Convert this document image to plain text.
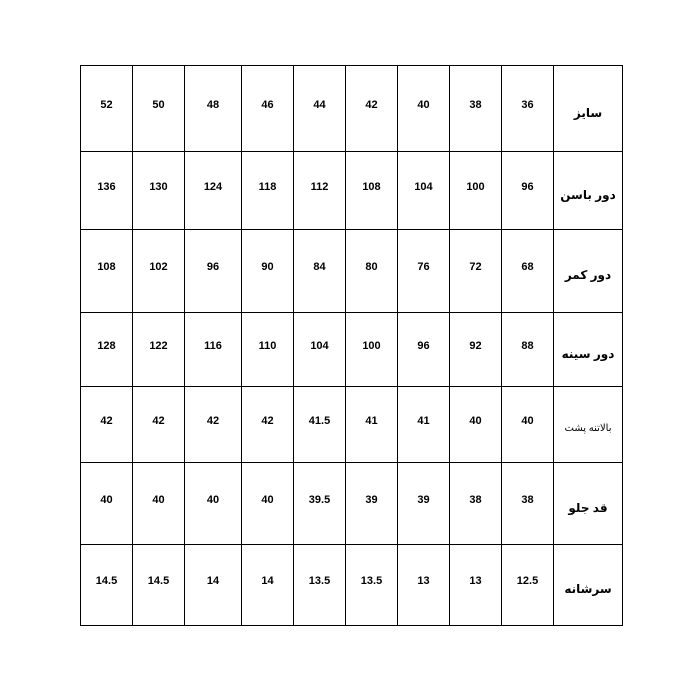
52	50	48	46	44	42	40	38	36	سایز
136	130	124	118	112	108	104	100	96	دور باسن
108	102	96	90	84	80	76	72	68	دور کمر
128	122	116	110	104	100	96	92	88	دور سینه
42	42	42	42	41.5	41	41	40	40	بالاتنه پشت
40	40	40	40	39.5	39	39	38	38	قد جلو
14.5	14.5	14	14	13.5	13.5	13	13	12.5	سرشانه
